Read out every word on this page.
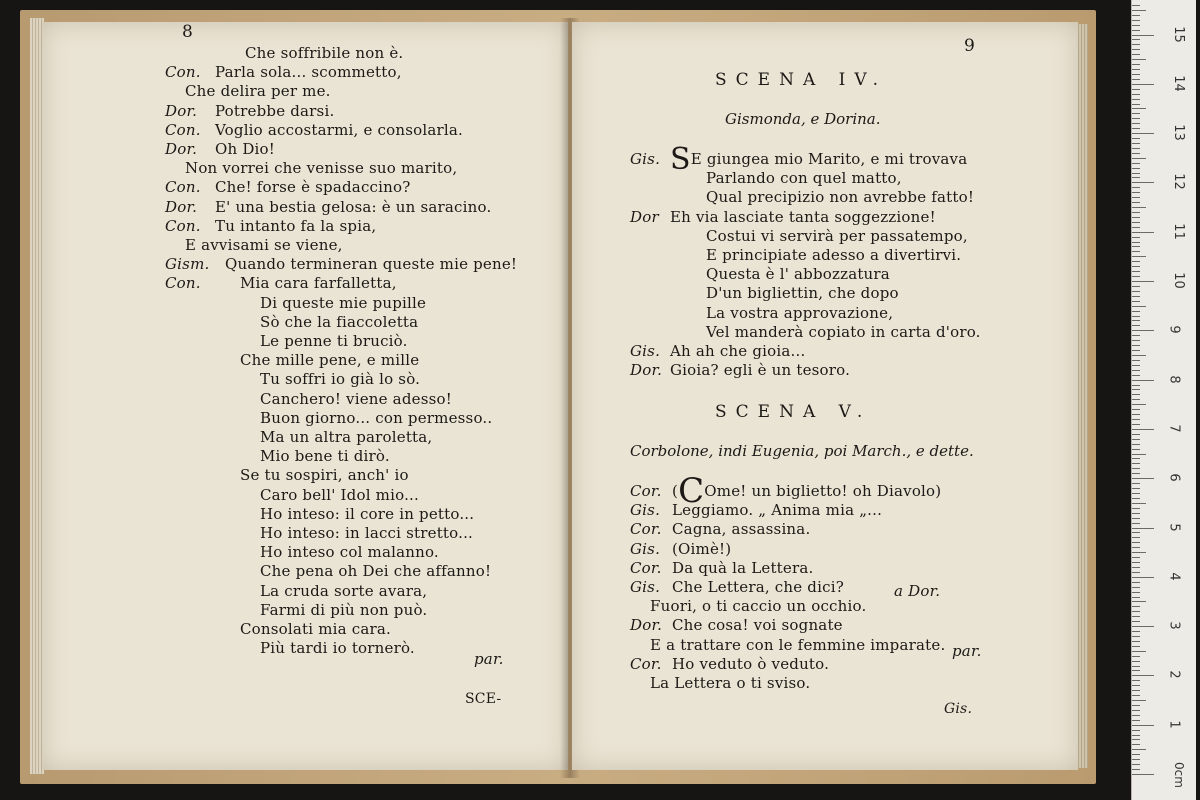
8
Che soffribile non è.
Con. Parla sola... scommetto,
Che delira per me.
Dor. Potrebbe darsi.
Con. Voglio accostarmi, e consolarla.
Dor. Oh Dio!
Non vorrei che venisse suo marito,
Con. Che! forse è spadaccino?
Dor. E' una bestia gelosa: è un saracino.
Con. Tu intanto fa la spia,
E avvisami se viene,
Gism. Quando termineran queste mie pene!
Con.	Mia cara farfalletta,
Di queste mie pupille
Sò che la fiaccoletta
Le penne ti bruciò.
Che mille pene, e mille
Tu soffri io già lo sò.
Canchero! viene adesso!
Buon giorno... con permesso..
Ma un altra paroletta,
Mio bene ti dirò.
Se tu sospiri, anch' io
Caro bell' Idol mio...
Ho inteso: il core in petto...
Ho inteso: in lacci stretto...
Ho inteso col malanno.
Che pena oh Dei che affanno!
La cruda sorte avara,
Farmi di più non può.
Consolati mia cara.
Più tardi io tornerò.
par.
SCE-
9
SCENA IV.
Gismonda, e Dorina.
Gis. SE giungea mio Marito, e mi trovava
Parlando con quel matto,
Qual precipizio non avrebbe fatto!
Dor Eh via lasciate tanta soggezzione!
Costui vi servirà per passatempo,
E principiate adesso a divertirvi.
Questa è l' abbozzatura
D'un bigliettin, che dopo
La vostra approvazione,
Vel manderà copiato in carta d'oro.
Gis. Ah ah che gioia...
Dor. Gioia? egli è un tesoro.
SCENA V.
Corbolone, indi Eugenia, poi March., e dette.
Cor. (COme! un biglietto! oh Diavolo)
Gis. Leggiamo. „ Anima mia „...
Cor. Cagna, assassina.
Gis. (Oimè!)
Cor. Da quà la Lettera.
Gis. Che Lettera, che dici?
Fuori, o ti caccio un occhio.
Dor. Che cosa! voi sognate
E a trattare con le femmine imparate.
Cor. Ho veduto ò veduto.
La Lettera o ti sviso.
a Dor.
par.
Gis.
0cm
1
2
3
4
5
6
7
8
9
10
11
12
13
14
15
